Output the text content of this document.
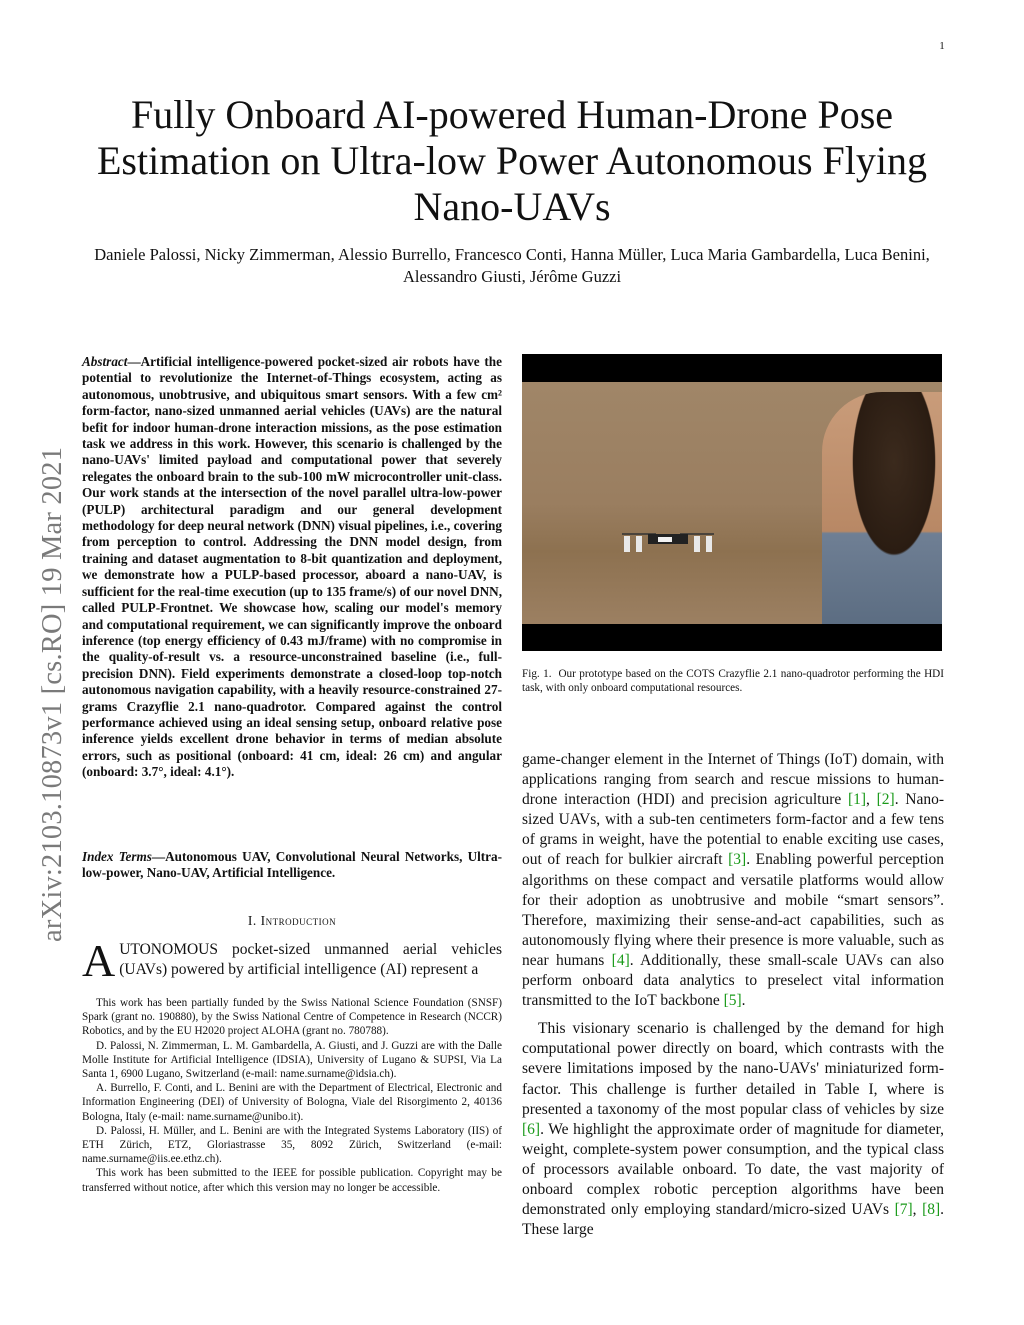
1
Fully Onboard AI-powered Human-Drone Pose Estimation on Ultra-low Power Autonomous Flying Nano-UAVs
Daniele Palossi, Nicky Zimmerman, Alessio Burrello, Francesco Conti, Hanna Müller, Luca Maria Gambardella, Luca Benini, Alessandro Giusti, Jérôme Guzzi
arXiv:2103.10873v1 [cs.RO] 19 Mar 2021
Abstract—Artificial intelligence-powered pocket-sized air robots have the potential to revolutionize the Internet-of-Things ecosystem, acting as autonomous, unobtrusive, and ubiquitous smart sensors. With a few cm² form-factor, nano-sized unmanned aerial vehicles (UAVs) are the natural befit for indoor human-drone interaction missions, as the pose estimation task we address in this work. However, this scenario is challenged by the nano-UAVs' limited payload and computational power that severely relegates the onboard brain to the sub-100 mW microcontroller unit-class. Our work stands at the intersection of the novel parallel ultra-low-power (PULP) architectural paradigm and our general development methodology for deep neural network (DNN) visual pipelines, i.e., covering from perception to control. Addressing the DNN model design, from training and dataset augmentation to 8-bit quantization and deployment, we demonstrate how a PULP-based processor, aboard a nano-UAV, is sufficient for the real-time execution (up to 135 frame/s) of our novel DNN, called PULP-Frontnet. We showcase how, scaling our model's memory and computational requirement, we can significantly improve the onboard inference (top energy efficiency of 0.43 mJ/frame) with no compromise in the quality-of-result vs. a resource-unconstrained baseline (i.e., full-precision DNN). Field experiments demonstrate a closed-loop top-notch autonomous navigation capability, with a heavily resource-constrained 27-grams Crazyflie 2.1 nano-quadrotor. Compared against the control performance achieved using an ideal sensing setup, onboard relative pose inference yields excellent drone behavior in terms of median absolute errors, such as positional (onboard: 41 cm, ideal: 26 cm) and angular (onboard: 3.7°, ideal: 4.1°).
Index Terms—Autonomous UAV, Convolutional Neural Networks, Ultra-low-power, Nano-UAV, Artificial Intelligence.
I. Introduction
AUTONOMOUS pocket-sized unmanned aerial vehicles (UAVs) powered by artificial intelligence (AI) represent a

This work has been partially funded by the Swiss National Science Foundation (SNSF) Spark (grant no. 190880), by the Swiss National Centre of Competence in Research (NCCR) Robotics, and by the EU H2020 project ALOHA (grant no. 780788).

D. Palossi, N. Zimmerman, L. M. Gambardella, A. Giusti, and J. Guzzi are with the Dalle Molle Institute for Artificial Intelligence (IDSIA), University of Lugano & SUPSI, Via La Santa 1, 6900 Lugano, Switzerland (e-mail: name.surname@idsia.ch).

A. Burrello, F. Conti, and L. Benini are with the Department of Electrical, Electronic and Information Engineering (DEI) of University of Bologna, Viale del Risorgimento 2, 40136 Bologna, Italy (e-mail: name.surname@unibo.it).

D. Palossi, H. Müller, and L. Benini are with the Integrated Systems Laboratory (IIS) of ETH Zürich, ETZ, Gloriastrasse 35, 8092 Zürich, Switzerland (e-mail: name.surname@iis.ee.ethz.ch).

This work has been submitted to the IEEE for possible publication. Copyright may be transferred without notice, after which this version may no longer be accessible.

Fig. 1. Our prototype based on the COTS Crazyflie 2.1 nano-quadrotor performing the HDI task, with only onboard computational resources.

game-changer element in the Internet of Things (IoT) domain, with applications ranging from search and rescue missions to human-drone interaction (HDI) and precision agriculture [1], [2]. Nano-sized UAVs, with a sub-ten centimeters form-factor and a few tens of grams in weight, have the potential to enable exciting use cases, out of reach for bulkier aircraft [3]. Enabling powerful perception algorithms on these compact and versatile platforms would allow for their adoption as unobtrusive and mobile “smart sensors”. Therefore, maximizing their sense-and-act capabilities, such as autonomously flying where their presence is more valuable, such as near humans [4]. Additionally, these small-scale UAVs can also perform onboard data analytics to preselect vital information transmitted to the IoT backbone [5].

This visionary scenario is challenged by the demand for high computational power directly on board, which contrasts with the severe limitations imposed by the nano-UAVs' miniaturized form-factor. This challenge is further detailed in Table I, where is presented a taxonomy of the most popular class of vehicles by size [6]. We highlight the approximate order of magnitude for diameter, weight, complete-system power consumption, and the typical class of processors available onboard. To date, the vast majority of onboard complex robotic perception algorithms have been demonstrated only employing standard/micro-sized UAVs [7], [8]. These large
